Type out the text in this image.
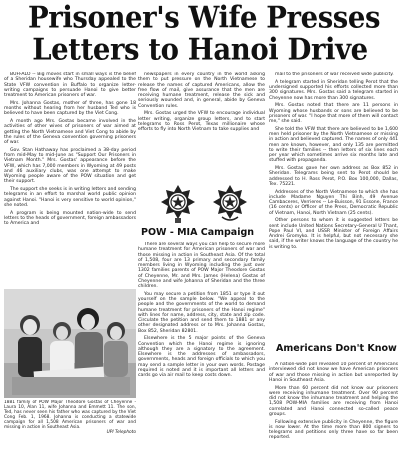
Prisoner's Wife Presses
Letters to Hanoi Drive

BUFFALO -- Big moves start in small ways is the belief of a Sheridan housewife who Thursday appealed to the State VFW convention in Buffalo to organize letter-writing campaigns to persuade Hanoi to give better treatment to American prisoners of war.

Mrs. Johanna Gostas, mother of three, has gone 18 months without hearing from her husband Ted who is believed to have been captured by the Viet Cong.

A month ago Mrs. Gostas became involved in the activities of other wives of prisoners of war aimed at getting the North Vietnamese and Viet Cong to abide by the rules of the Geneva convention governing prisoners of war.

Gov. Stan Hathaway has proclaimed a 38-day period from mid-May to mid-June as "Support Our Prisoners in Vietnam Month." Mrs. Gostas' appearance before the VFW, which has 7,000 members in Wyoming at 49 posts and 46 auxiliary clubs, was one attempt to make Wyoming people aware of the POW situation and get their support.

The support she seeks is in writing letters and sending telegrams in an effort to marshal world public opinion against Hanoi. "Hanoi is very sensitive to world opinion," she noted.

A program is being mounted nation-wide to send letters to the heads of government, foreign ambassadors to America and

newspapers in every country in the world asking them to put pressure on the North Vietnamese to release the names of captured Americans, allow the free flow of mail, give assurance that the men are receiving humane treatment, release the sick and seriously wounded and, in general, abide by Geneva Convention rules.

Mrs. Gostas urged the VFW to encourage individual letter writing, organize group letters, and to start telegrams to Ross Perot, Texas millionaire whose efforts to fly into North Vietnam to take supplies and

mail to the prisoners of war received wide publicity.

A telegram started in Sheridan telling Perot that the undersigned supported his efforts collected more than 300 signatures. Mrs. Gostas said a telegram started in Cheyenne now has more than 300 signatures.

Mrs. Gostas noted that there are 11 persons in Wyoming whose husbands or sons are believed to be prisoners of war. "I hope that more of them will contact me," she said.

She told the VFW that there are believed to be 1,600 men held prisoner by the North Vietnamese or missing in action and believed captured. The names of only 441 men are known, however, and only 135 are permitted to write their families -- then letters of six lines each per year which sometimes arrive six months late and stuffed with propaganda.

Mrs. Gostas gave her own address as Box 852 in Sheridan. Telegrams being sent to Perot should be addressed to H. Ross Perot, P.O. Box 100,000, Dallas, Tex. 75221.

Addresses of the North Vietnamese to which she has include Madame Nguyen Thi Binh, 49 Avenue Cambaceres, Verrieres -- Le-Buisson, 91 Essone, France (16 cents) or Officer of the Press, Democratic Republic of Vietnam, Hanoi, North Vietnam (25 cents).

Other persons to whom it is suggested letters be sent include United Nations Secretary-General U Thant, Pope Paul VI, and USSR Minister of Foreign Affairs Andrei Gromyko. It is helpful, but not necessary she said, if the writer knows the language of the country he is writing to.

POW - MIA Campaign

There are several ways you can help to secure more humane treatment for American prisoners of war and those missing in action in Southeast Asia. Of the total of 1,508, four are 13 primary and secondary family members living in Wyoming including the just over 1302 families parents of POW Major Theodore Gostas of Cheyenne, Mr. and Mrs. James (Helena) Gostas of Cheyenne and wife Johanna of Sheridan and the three children.

You may secure a petition from 1851 or type it out yourself on the sample below. "We appeal to the people and the governments of the world to demand humane treatment for prisoners of the Hanoi regime" with lines for name, address, city, state and zip code. Circulate the petition and send them to 1881 or any other designated address or to Mrs. Johanna Gostas, Box 852, Sheridan 82801.

Elsewhere is the 5 major points of the Geneva Convention which the Hanoi regime is ignoring although they are a signatory to the agreement. Elsewhere is the addresses of ambassadors, governments, heads and foreign officials to which you may send a sample letter in your own words. Postage required is noted and it is important all letters and cards go via air mail to keep costs down.

Americans Don't Know

A nation-wide poll revealed 10 percent of Americans interviewed did not know we have American prisoners of war and those missing in action but unreported by Hanoi in Southeast Asia.

More than 60 percent did not know our prisoners were receiving inhumane treatment. Over 90 percent did not know the inhumane treatment and helping the 1,508 POW-MIA families are receiving from Hanoi correlated and Hanoi connected so-called peace groups.

Following extensive publicity in Cheyenne, the figure is now lower. At the time more than 800 signers to telegrams and petitions only three have so far been reported.

1881 family of POW Major Theodore Gostas of Cheyenne - Laura 10, Alan 11, wife Johanna and Emmett 11. The son, Ted, has never seen his father who was captured by the Viet Cong Feb. 1, 1968. Johanna is conducting a statewide campaign for all 1,508 American prisoners of war and missing in action in Southeast Asia.
UPI Telephoto
